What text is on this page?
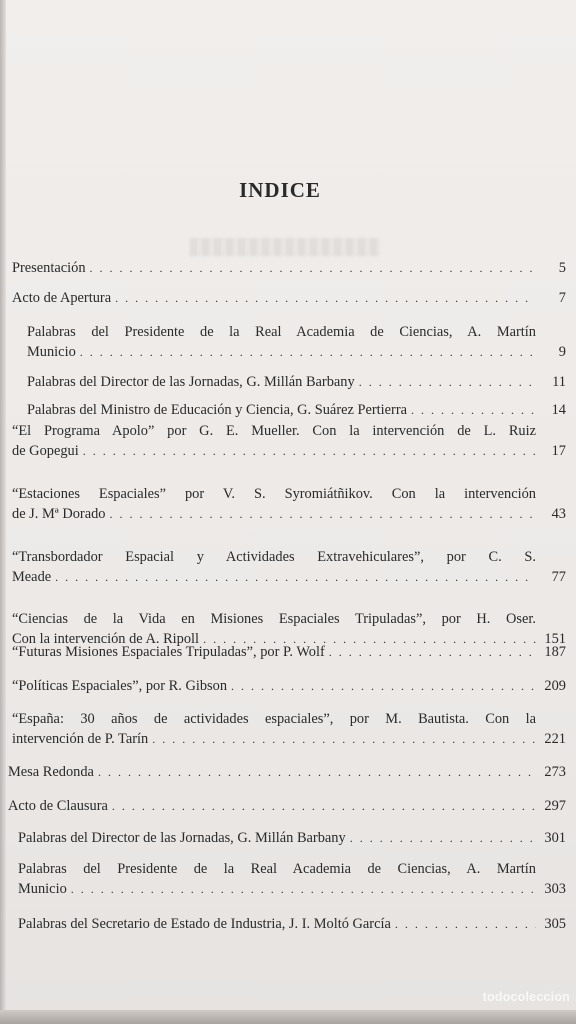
INDICE
Presentación . . .	5
Acto de Apertura . . .	7
Palabras del Presidente de la Real Academia de Ciencias, A. Martín
Municio . . .	9
Palabras del Director de las Jornadas, G. Millán Barbany . . .	11
Palabras del Ministro de Educación y Ciencia, G. Suárez Pertierra . . .	14
“El Programa Apolo” por G. E. Mueller. Con la intervención de L. Ruiz
de Gopegui . . .	17
“Estaciones Espaciales” por V. S. Syromiátñikov. Con la intervención
de J. Mª Dorado . . .	43
“Transbordador Espacial y Actividades Extravehiculares”, por C. S.
Meade . . .	77
“Ciencias de la Vida en Misiones Espaciales Tripuladas”, por H. Oser.
Con la intervención de A. Ripoll . . .	151
“Futuras Misiones Espaciales Tripuladas”, por P. Wolf . . .	187
“Políticas Espaciales”, por R. Gibson . . .	209
“España: 30 años de actividades espaciales”, por M. Bautista. Con la
intervención de P. Tarín . . .	221
Mesa Redonda . . .	273
Acto de Clausura . . .	297
Palabras del Director de las Jornadas, G. Millán Barbany . . .	301
Palabras del Presidente de la Real Academia de Ciencias, A. Martín
Municio . . .	303
Palabras del Secretario de Estado de Industria, J. I. Moltó García . . .	305
todocoleccion
